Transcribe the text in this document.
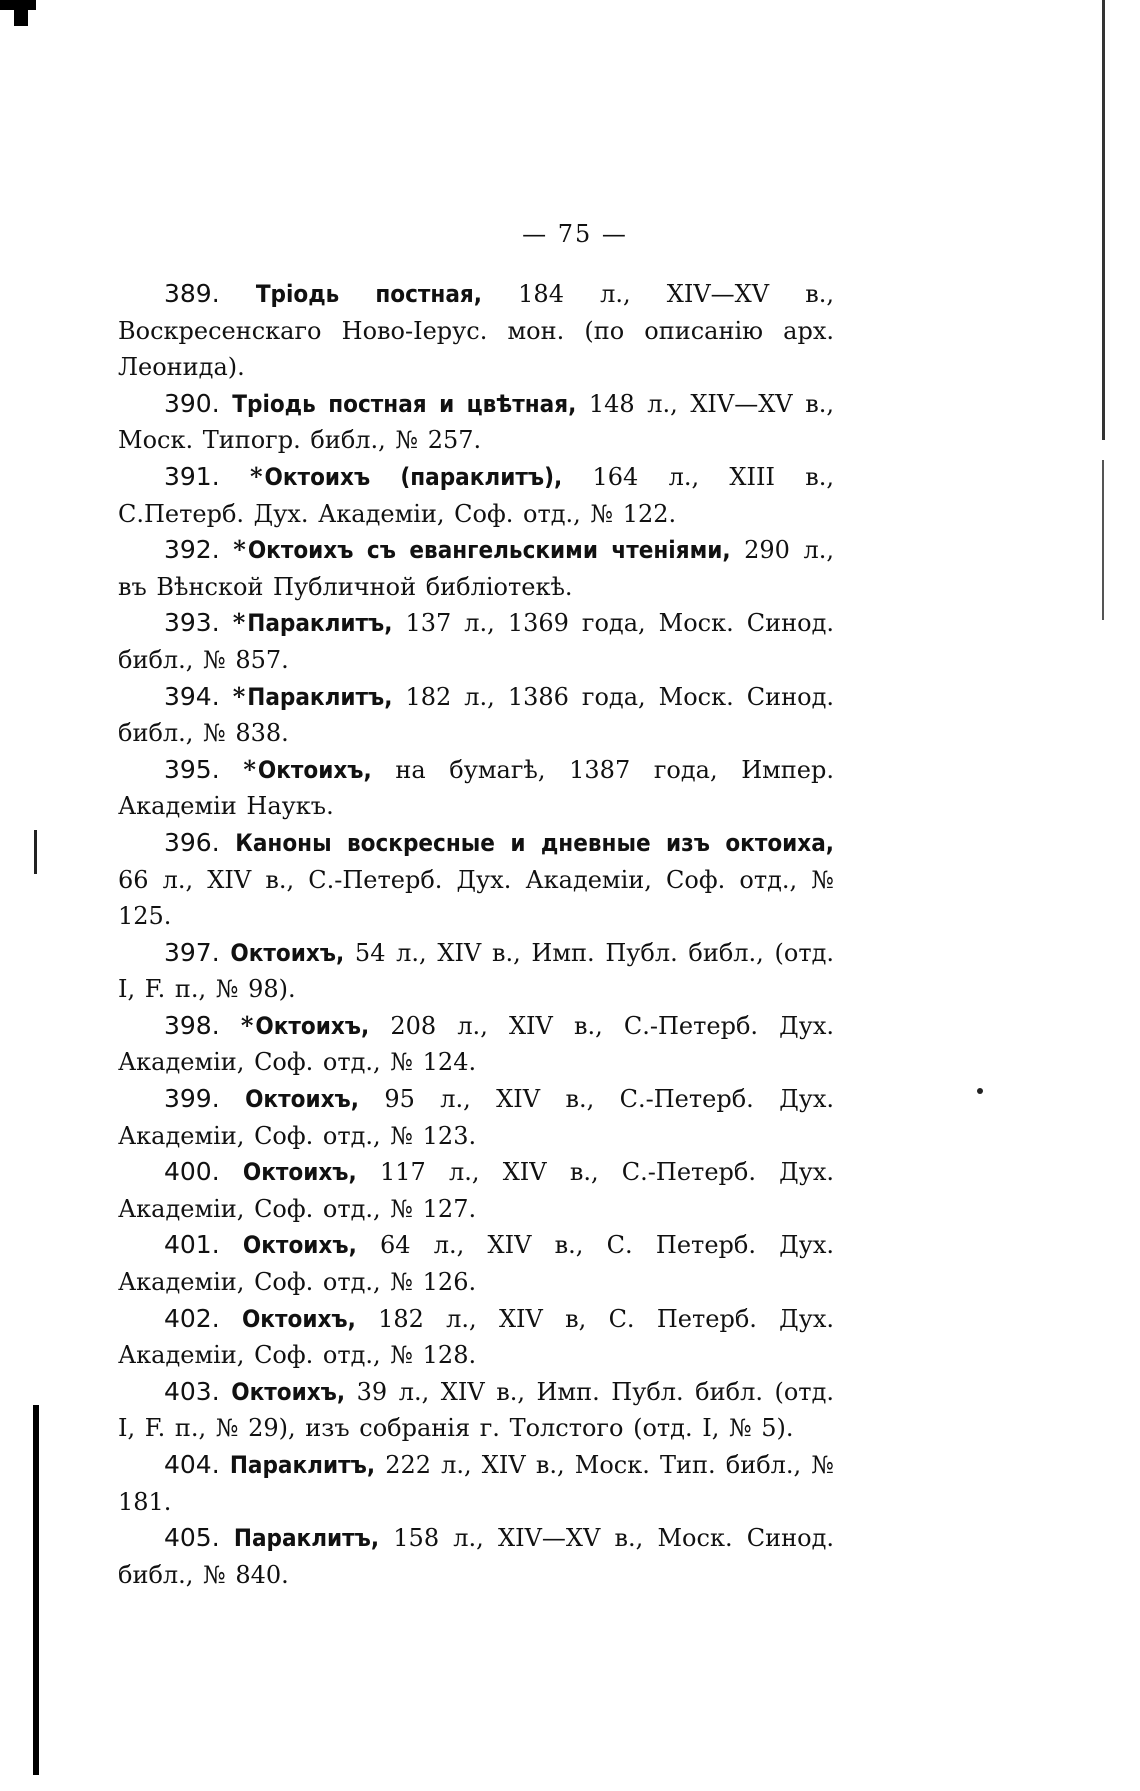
— 75 —

389. Тріодь постная, 184 л., XIV—XV в., Воскресенскаго Ново-Іерус. мон. (по описанію арх. Леонида).

390. Тріодь постная и цвѣтная, 148 л., XIV—XV в., Моск. Типогр. библ., № 257.

391. *Октоихъ (параклитъ), 164 л., XIII в., С.Петерб. Дух. Академіи, Соф. отд., № 122.

392. *Октоихъ съ евангельскими чтеніями, 290 л., въ Вѣнской Публичной библіотекѣ.

393. *Параклитъ, 137 л., 1369 года, Моск. Синод. библ., № 857.

394. *Параклитъ, 182 л., 1386 года, Моск. Синод. библ., № 838.

395. *Октоихъ, на бумагѣ, 1387 года, Импер. Академіи Наукъ.

396. Каноны воскресные и дневные изъ октоиха, 66 л., XIV в., С.-Петерб. Дух. Академіи, Соф. отд., № 125.

397. Октоихъ, 54 л., XIV в., Имп. Публ. библ., (отд. I, F. п., № 98).

398. *Октоихъ, 208 л., XIV в., С.-Петерб. Дух. Академіи, Соф. отд., № 124.

399. Октоихъ, 95 л., XIV в., С.-Петерб. Дух. Академіи, Соф. отд., № 123.

400. Октоихъ, 117 л., XIV в., С.-Петерб. Дух. Академіи, Соф. отд., № 127.

401. Октоихъ, 64 л., XIV в., С. Петерб. Дух. Академіи, Соф. отд., № 126.

402. Октоихъ, 182 л., XIV в, С. Петерб. Дух. Академіи, Соф. отд., № 128.

403. Октоихъ, 39 л., XIV в., Имп. Публ. библ. (отд. I, F. п., № 29), изъ собранія г. Толстого (отд. I, № 5).

404. Параклитъ, 222 л., XIV в., Моск. Тип. библ., № 181.

405. Параклитъ, 158 л., XIV—XV в., Моск. Синод. библ., № 840.
